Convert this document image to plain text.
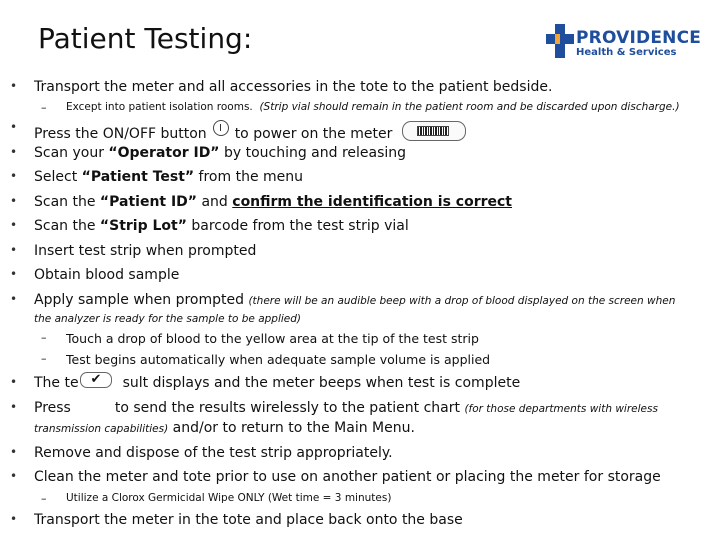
Patient Testing:	PROVIDENCE
Health & Services
• Transport the meter and all accessories in the tote to the patient bedside.
– Except into patient isolation rooms. (Strip vial should remain in the patient room and be discarded upon discharge.)
• Press the ON/OFF button to power on the meter
• Scan your “Operator ID” by touching and releasing
• Select “Patient Test” from the menu
• Scan the “Patient ID” and confirm the identification is correct
• Scan the “Strip Lot” barcode from the test strip vial
• Insert test strip when prompted
• Obtain blood sample
• Apply sample when prompted (there will be an audible beep with a drop of blood displayed on the screen when
the analyzer is ready for the sample to be applied)
– Touch a drop of blood to the yellow area at the tip of the test strip
– Test begins automatically when adequate sample volume is applied
• The te	sult displays and the meter beeps when test is complete
✔
• Press	to send the results wirelessly to the patient chart (for those departments with wireless
transmission capabilities) and/or to return to the Main Menu.
• Remove and dispose of the test strip appropriately.
• Clean the meter and tote prior to use on another patient or placing the meter for storage
– Utilize a Clorox Germicidal Wipe ONLY (Wet time = 3 minutes)
• Transport the meter in the tote and place back onto the base
